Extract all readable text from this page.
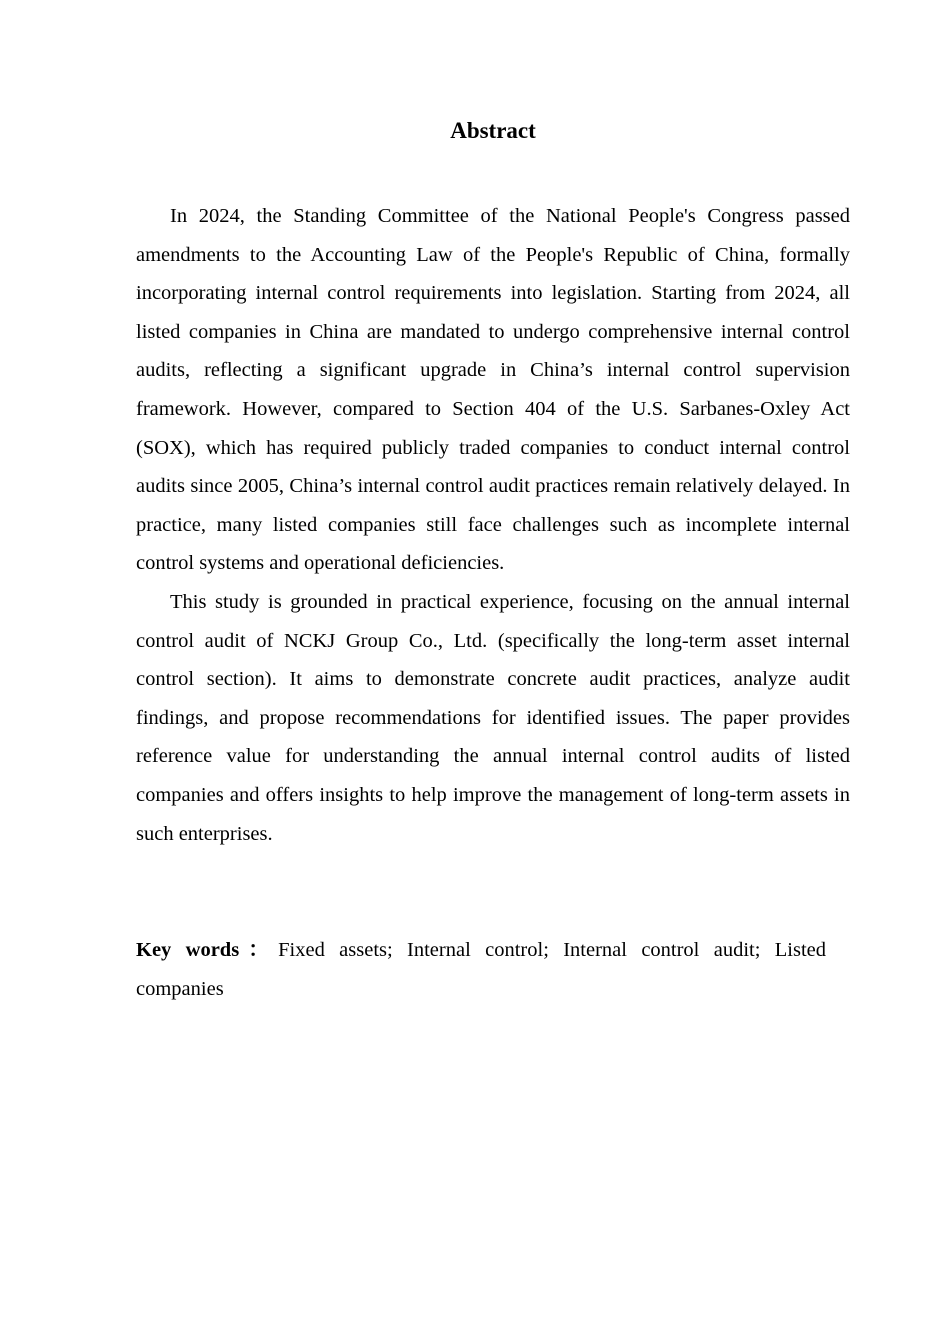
Abstract

In 2024, the Standing Committee of the National People's Congress passed amendments to the Accounting Law of the People's Republic of China, formally incorporating internal control requirements into legislation. Starting from 2024, all listed companies in China are mandated to undergo comprehensive internal control audits, reflecting a significant upgrade in China’s internal control supervision framework. However, compared to Section 404 of the U.S. Sarbanes-Oxley Act (SOX), which has required publicly traded companies to conduct internal control audits since 2005, China’s internal control audit practices remain relatively delayed. In practice, many listed companies still face challenges such as incomplete internal control systems and operational deficiencies.

This study is grounded in practical experience, focusing on the annual internal control audit of NCKJ Group Co., Ltd. (specifically the long-term asset internal control section). It aims to demonstrate concrete audit practices, analyze audit findings, and propose recommendations for identified issues. The paper provides reference value for understanding the annual internal control audits of listed companies and offers insights to help improve the management of long-term assets in such enterprises.

Key words：Fixed assets; Internal control; Internal control audit; Listed companies
